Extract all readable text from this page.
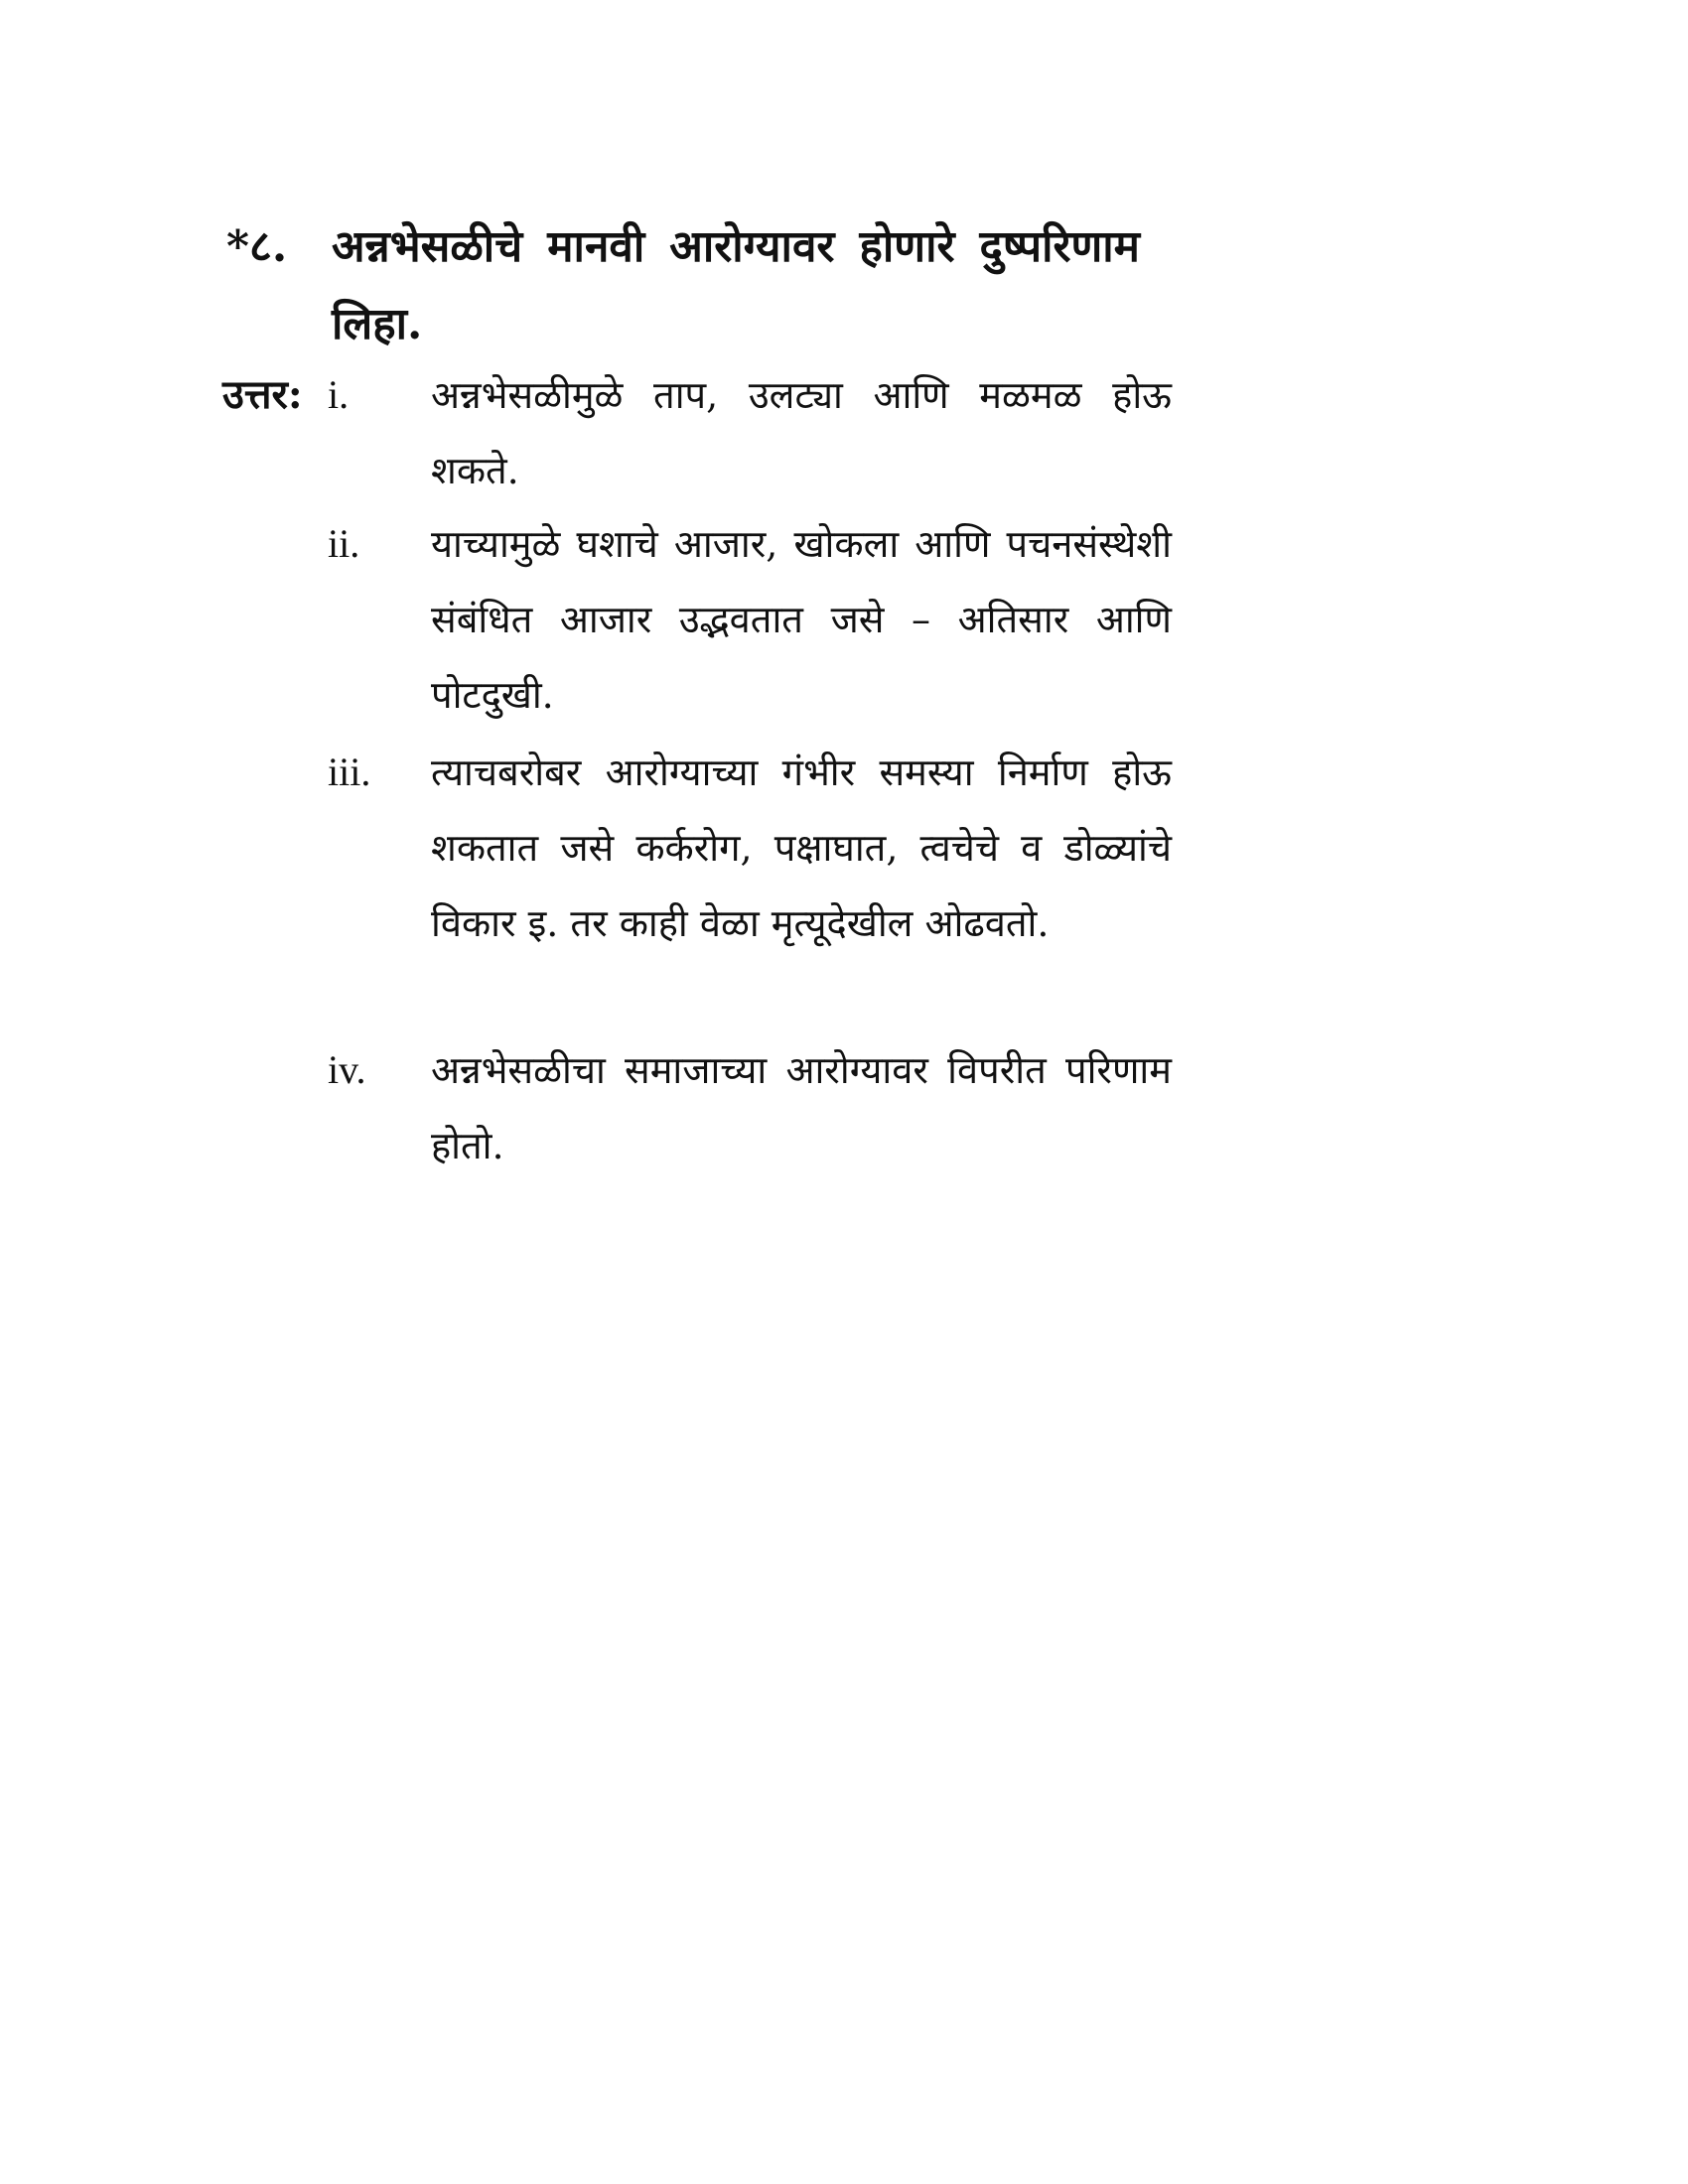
*८.	अन्नभेसळीचे मानवी आरोग्यावर होणारे दुष्परिणाम लिहा.
उत्तर: i.	अन्नभेसळीमुळे ताप, उलट्या आणि मळमळ होऊ शकते.
ii.	याच्यामुळे घशाचे आजार, खोकला आणि पचनसंस्थेशी संबंधित आजार उद्भवतात जसे – अतिसार आणि पोटदुखी.
iii.	त्याचबरोबर आरोग्याच्या गंभीर समस्या निर्माण होऊ शकतात जसे कर्करोग, पक्षाघात, त्वचेचे व डोळ्यांचे विकार इ. तर काही वेळा मृत्यूदेखील ओढवतो.
iv.	अन्नभेसळीचा समाजाच्या आरोग्यावर विपरीत परिणाम होतो.
